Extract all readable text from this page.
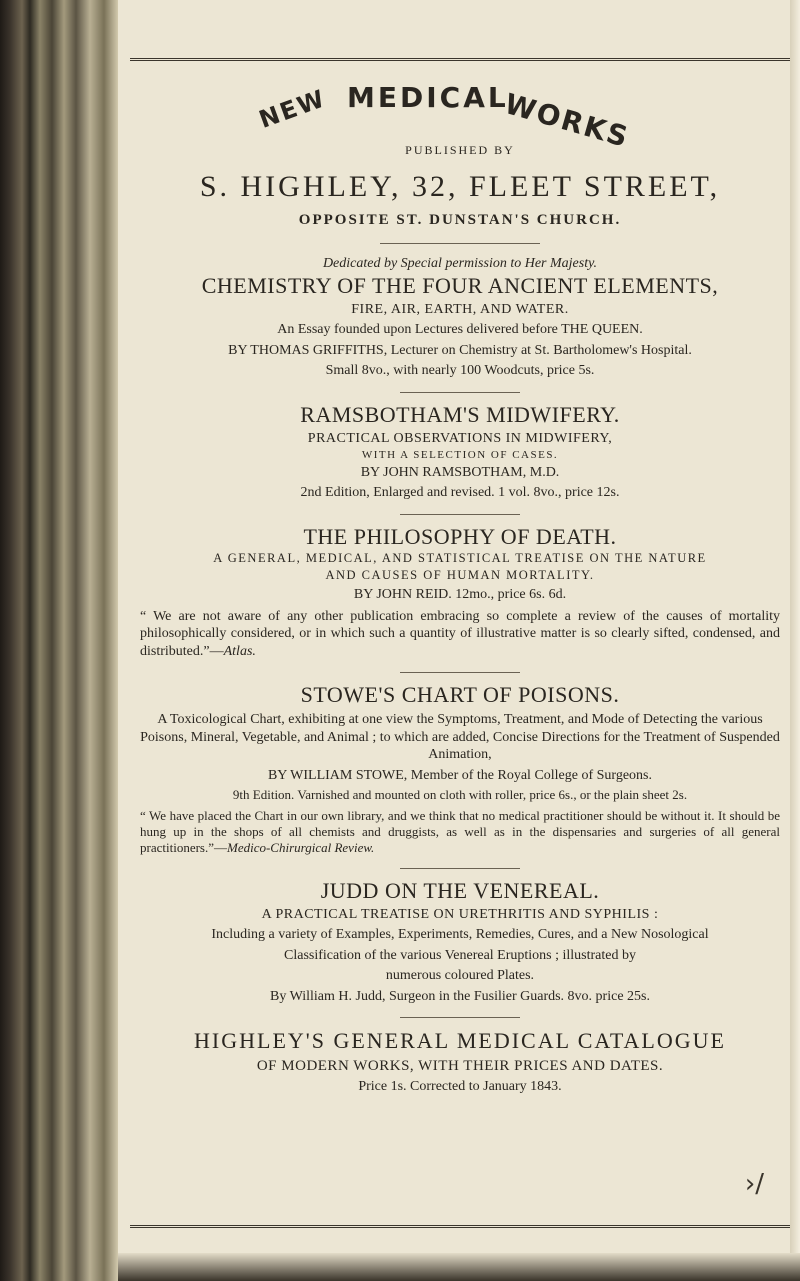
NEW MEDICAL
WORKS
PUBLISHED BY
S. HIGHLEY, 32, FLEET STREET,
OPPOSITE ST. DUNSTAN'S CHURCH.
Dedicated by Special permission to Her Majesty.
CHEMISTRY OF THE FOUR ANCIENT ELEMENTS,
FIRE, AIR, EARTH, AND WATER.
An Essay founded upon Lectures delivered before THE QUEEN.
BY THOMAS GRIFFITHS, Lecturer on Chemistry at St. Bartholomew's Hospital.
Small 8vo., with nearly 100 Woodcuts, price 5s.
RAMSBOTHAM'S MIDWIFERY.
PRACTICAL OBSERVATIONS IN MIDWIFERY,
WITH A SELECTION OF CASES.
BY JOHN RAMSBOTHAM, M.D.
2nd Edition, Enlarged and revised. 1 vol. 8vo., price 12s.
THE PHILOSOPHY OF DEATH.
A GENERAL, MEDICAL, AND STATISTICAL TREATISE ON THE NATURE
AND CAUSES OF HUMAN MORTALITY.
BY JOHN REID. 12mo., price 6s. 6d.
“ We are not aware of any other publication embracing so complete a review of the causes of mortality philosophically considered, or in which such a quantity of illustrative matter is so clearly sifted, condensed, and distributed.”—Atlas.
STOWE'S CHART OF POISONS.
A Toxicological Chart, exhibiting at one view the Symptoms, Treatment, and Mode of Detecting the various Poisons, Mineral, Vegetable, and Animal ; to which are added, Concise Directions for the Treatment of Suspended Animation,
BY WILLIAM STOWE, Member of the Royal College of Surgeons.
9th Edition. Varnished and mounted on cloth with roller, price 6s., or the plain sheet 2s.
“ We have placed the Chart in our own library, and we think that no medical practitioner should be without it. It should be hung up in the shops of all chemists and druggists, as well as in the dispensaries and surgeries of all general practitioners.”—Medico-Chirurgical Review.
JUDD ON THE VENEREAL.
A PRACTICAL TREATISE ON URETHRITIS AND SYPHILIS :
Including a variety of Examples, Experiments, Remedies, Cures, and a New Nosological
Classification of the various Venereal Eruptions ; illustrated by
numerous coloured Plates.
By William H. Judd, Surgeon in the Fusilier Guards. 8vo. price 25s.
HIGHLEY'S GENERAL MEDICAL CATALOGUE
OF MODERN WORKS, WITH THEIR PRICES AND DATES.
Price 1s. Corrected to January 1843.
›/
